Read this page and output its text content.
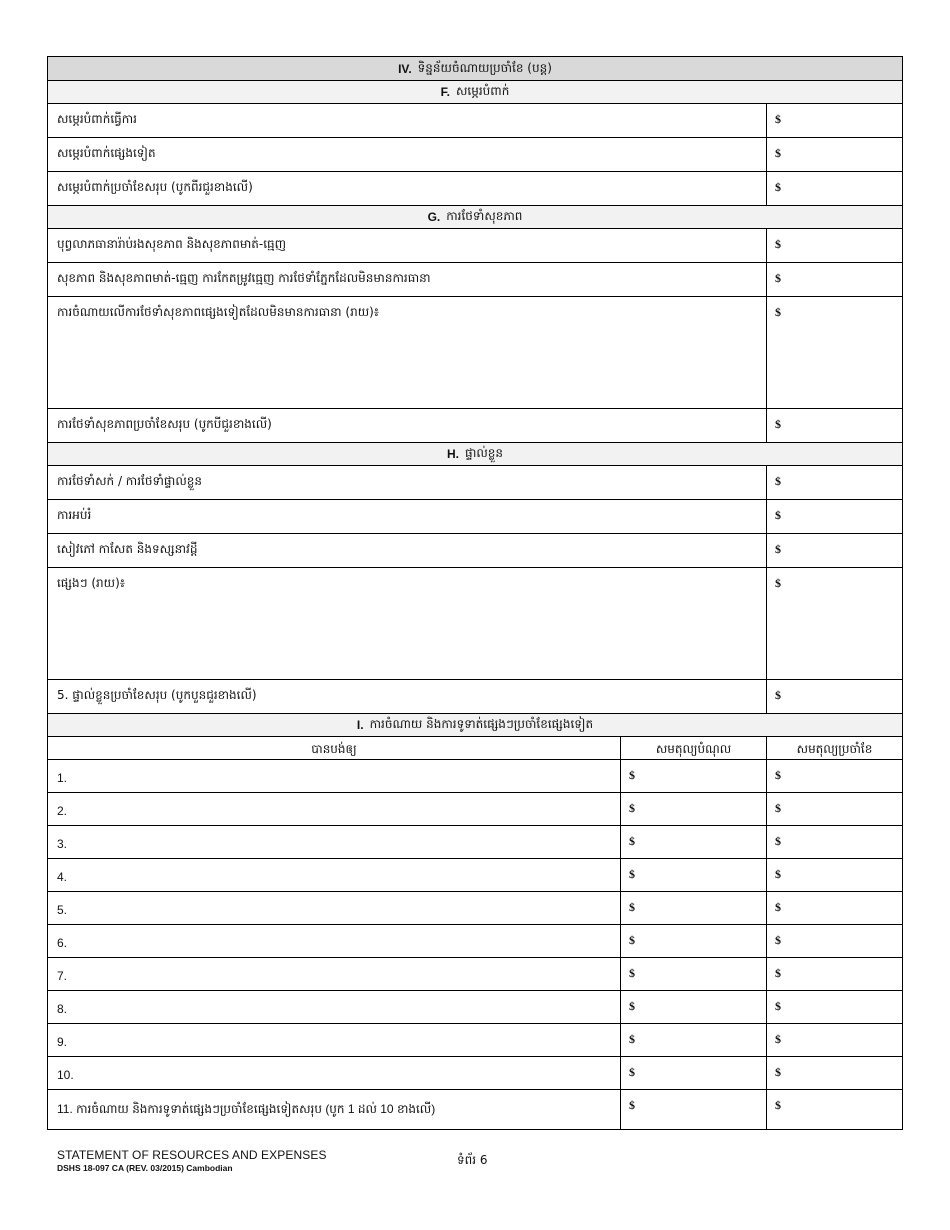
IV. ទិន្នន័យចំណាយប្រចាំខែ (បន្ត)
F. សម្ភេរបំពាក់
សម្ភេរបំពាក់ធ្វើការ	$
សម្ភេរបំពាក់ផ្សេងទៀត	$
សម្ភេរបំពាក់ប្រចាំខែសរុប (បូកពីរជួរខាងលើ)	$
G. ការថែទាំសុខភាព
បុព្វលាភធានារ៉ាប់រងសុខភាព និងសុខភាពមាត់-ធ្មេញ	$
សុខភាព និងសុខភាពមាត់-ធ្មេញ ការកែតម្រូវធ្មេញ ការថែទាំភ្នែកដែលមិនមានការធានា	$
ការចំណាយលើការថែទាំសុខភាពផ្សេងទៀតដែលមិនមានការធានា (រាយ)៖	$
ការថែទាំសុខភាពប្រចាំខែសរុប (បូកបីជួរខាងលើ)	$
H. ផ្ទាល់ខ្លួន
ការថែទាំសក់ / ការថែទាំផ្ទាល់ខ្លួន	$
ការអប់រំ	$
សៀវភៅ កាសែត និងទស្សនាវដ្តី	$
ផ្សេងៗ (រាយ)៖	$
5. ផ្ទាល់ខ្លួនប្រចាំខែសរុប (បូកបួនជួរខាងលើ)	$
I. ការចំណាយ និងការទូទាត់ផ្សេងៗប្រចាំខែផ្សេងទៀត
បានបង់ឲ្យ	សមតុល្យបំណុល	សមតុល្យប្រចាំខែ
1.	$	$
2.	$	$
3.	$	$
4.	$	$
5.	$	$
6.	$	$
7.	$	$
8.	$	$
9.	$	$
10.	$	$
11. ការចំណាយ និងការទូទាត់ផ្សេងៗប្រចាំខែផ្សេងទៀតសរុប (បូក 1 ដល់ 10 ខាងលើ)	$	$
STATEMENT OF RESOURCES AND EXPENSES
DSHS 18-097 CA (REV. 03/2015) Cambodian
ទំព័រ 6
